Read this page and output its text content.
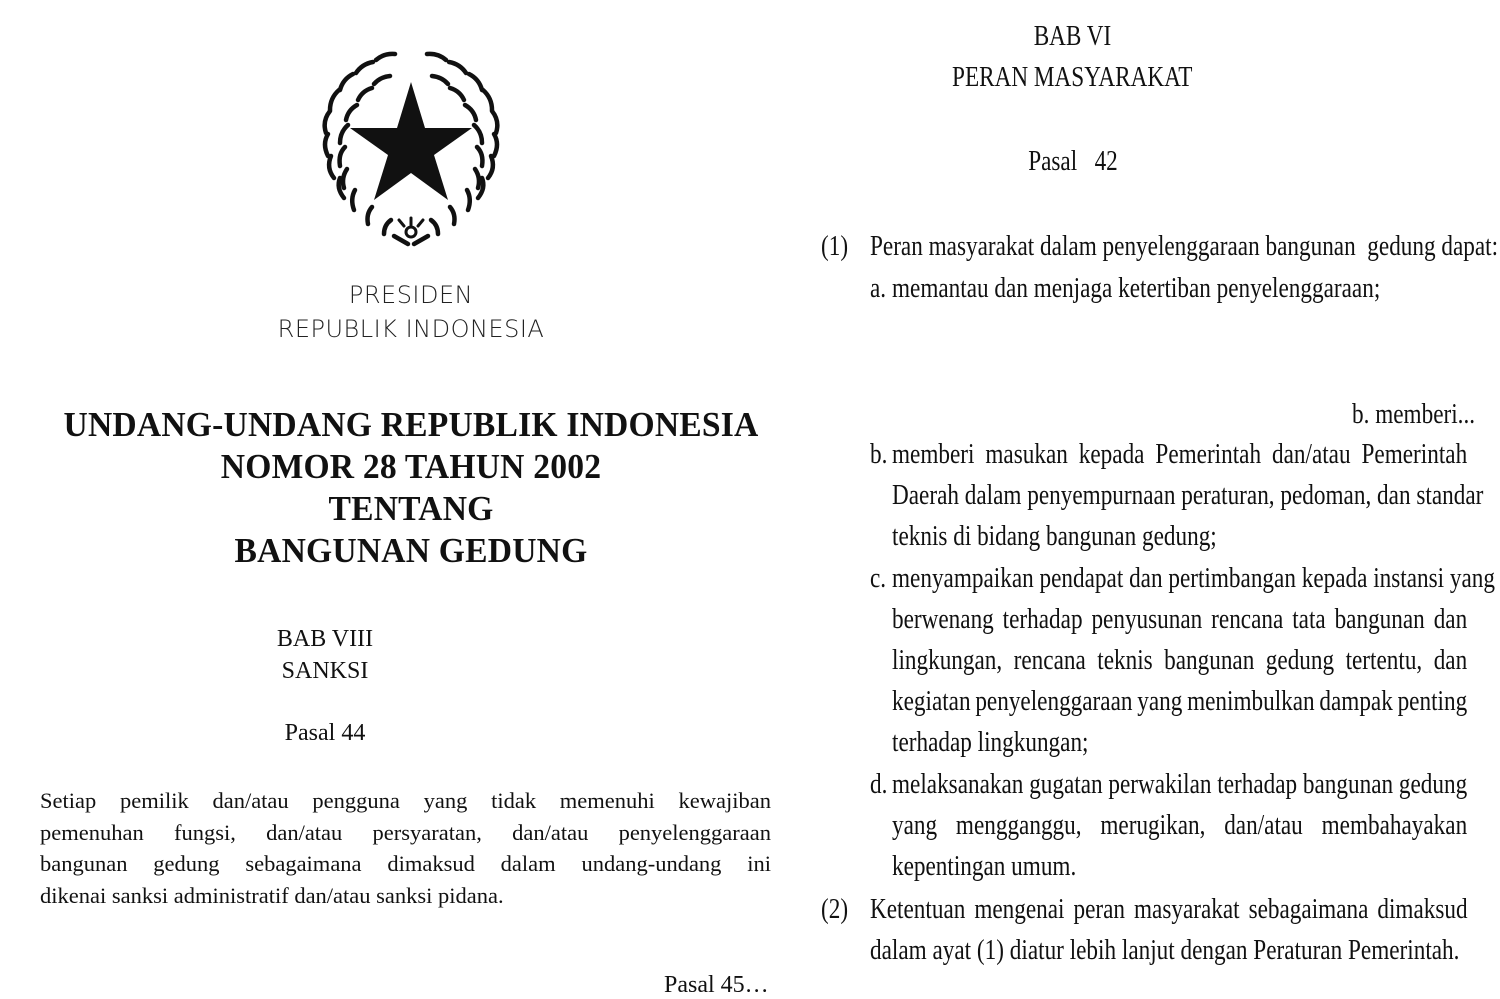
PRESIDEN
REPUBLIK INDONESIA
UNDANG-UNDANG REPUBLIK INDONESIA
NOMOR 28 TAHUN 2002
TENTANG
BANGUNAN GEDUNG
BAB VIII
SANKSI
Pasal 44
Setiap pemilik dan/atau pengguna yang tidak memenuhi kewajiban
pemenuhan fungsi, dan/atau persyaratan, dan/atau penyelenggaraan
bangunan gedung sebagaimana dimaksud dalam undang-undang ini
dikenai sanksi administratif dan/atau sanksi pidana.
Pasal 45…
BAB VI
PERAN MASYARAKAT
Pasal   42
(1) Peran masyarakat dalam penyelenggaraan bangunan  gedung dapat:
a. memantau dan menjaga ketertiban penyelenggaraan;
b. memberi...
b. memberi masukan kepada Pemerintah dan/atau Pemerintah
Daerah dalam penyempurnaan peraturan, pedoman, dan standar
teknis di bidang bangunan gedung;
c. menyampaikan pendapat dan pertimbangan kepada instansi yang
berwenang terhadap penyusunan rencana tata bangunan dan
lingkungan, rencana teknis bangunan gedung tertentu, dan
kegiatan penyelenggaraan yang menimbulkan dampak penting
terhadap lingkungan;
d. melaksanakan gugatan perwakilan terhadap bangunan gedung
yang mengganggu, merugikan, dan/atau membahayakan
kepentingan umum.
(2) Ketentuan mengenai peran masyarakat sebagaimana dimaksud
dalam ayat (1) diatur lebih lanjut dengan Peraturan Pemerintah.
